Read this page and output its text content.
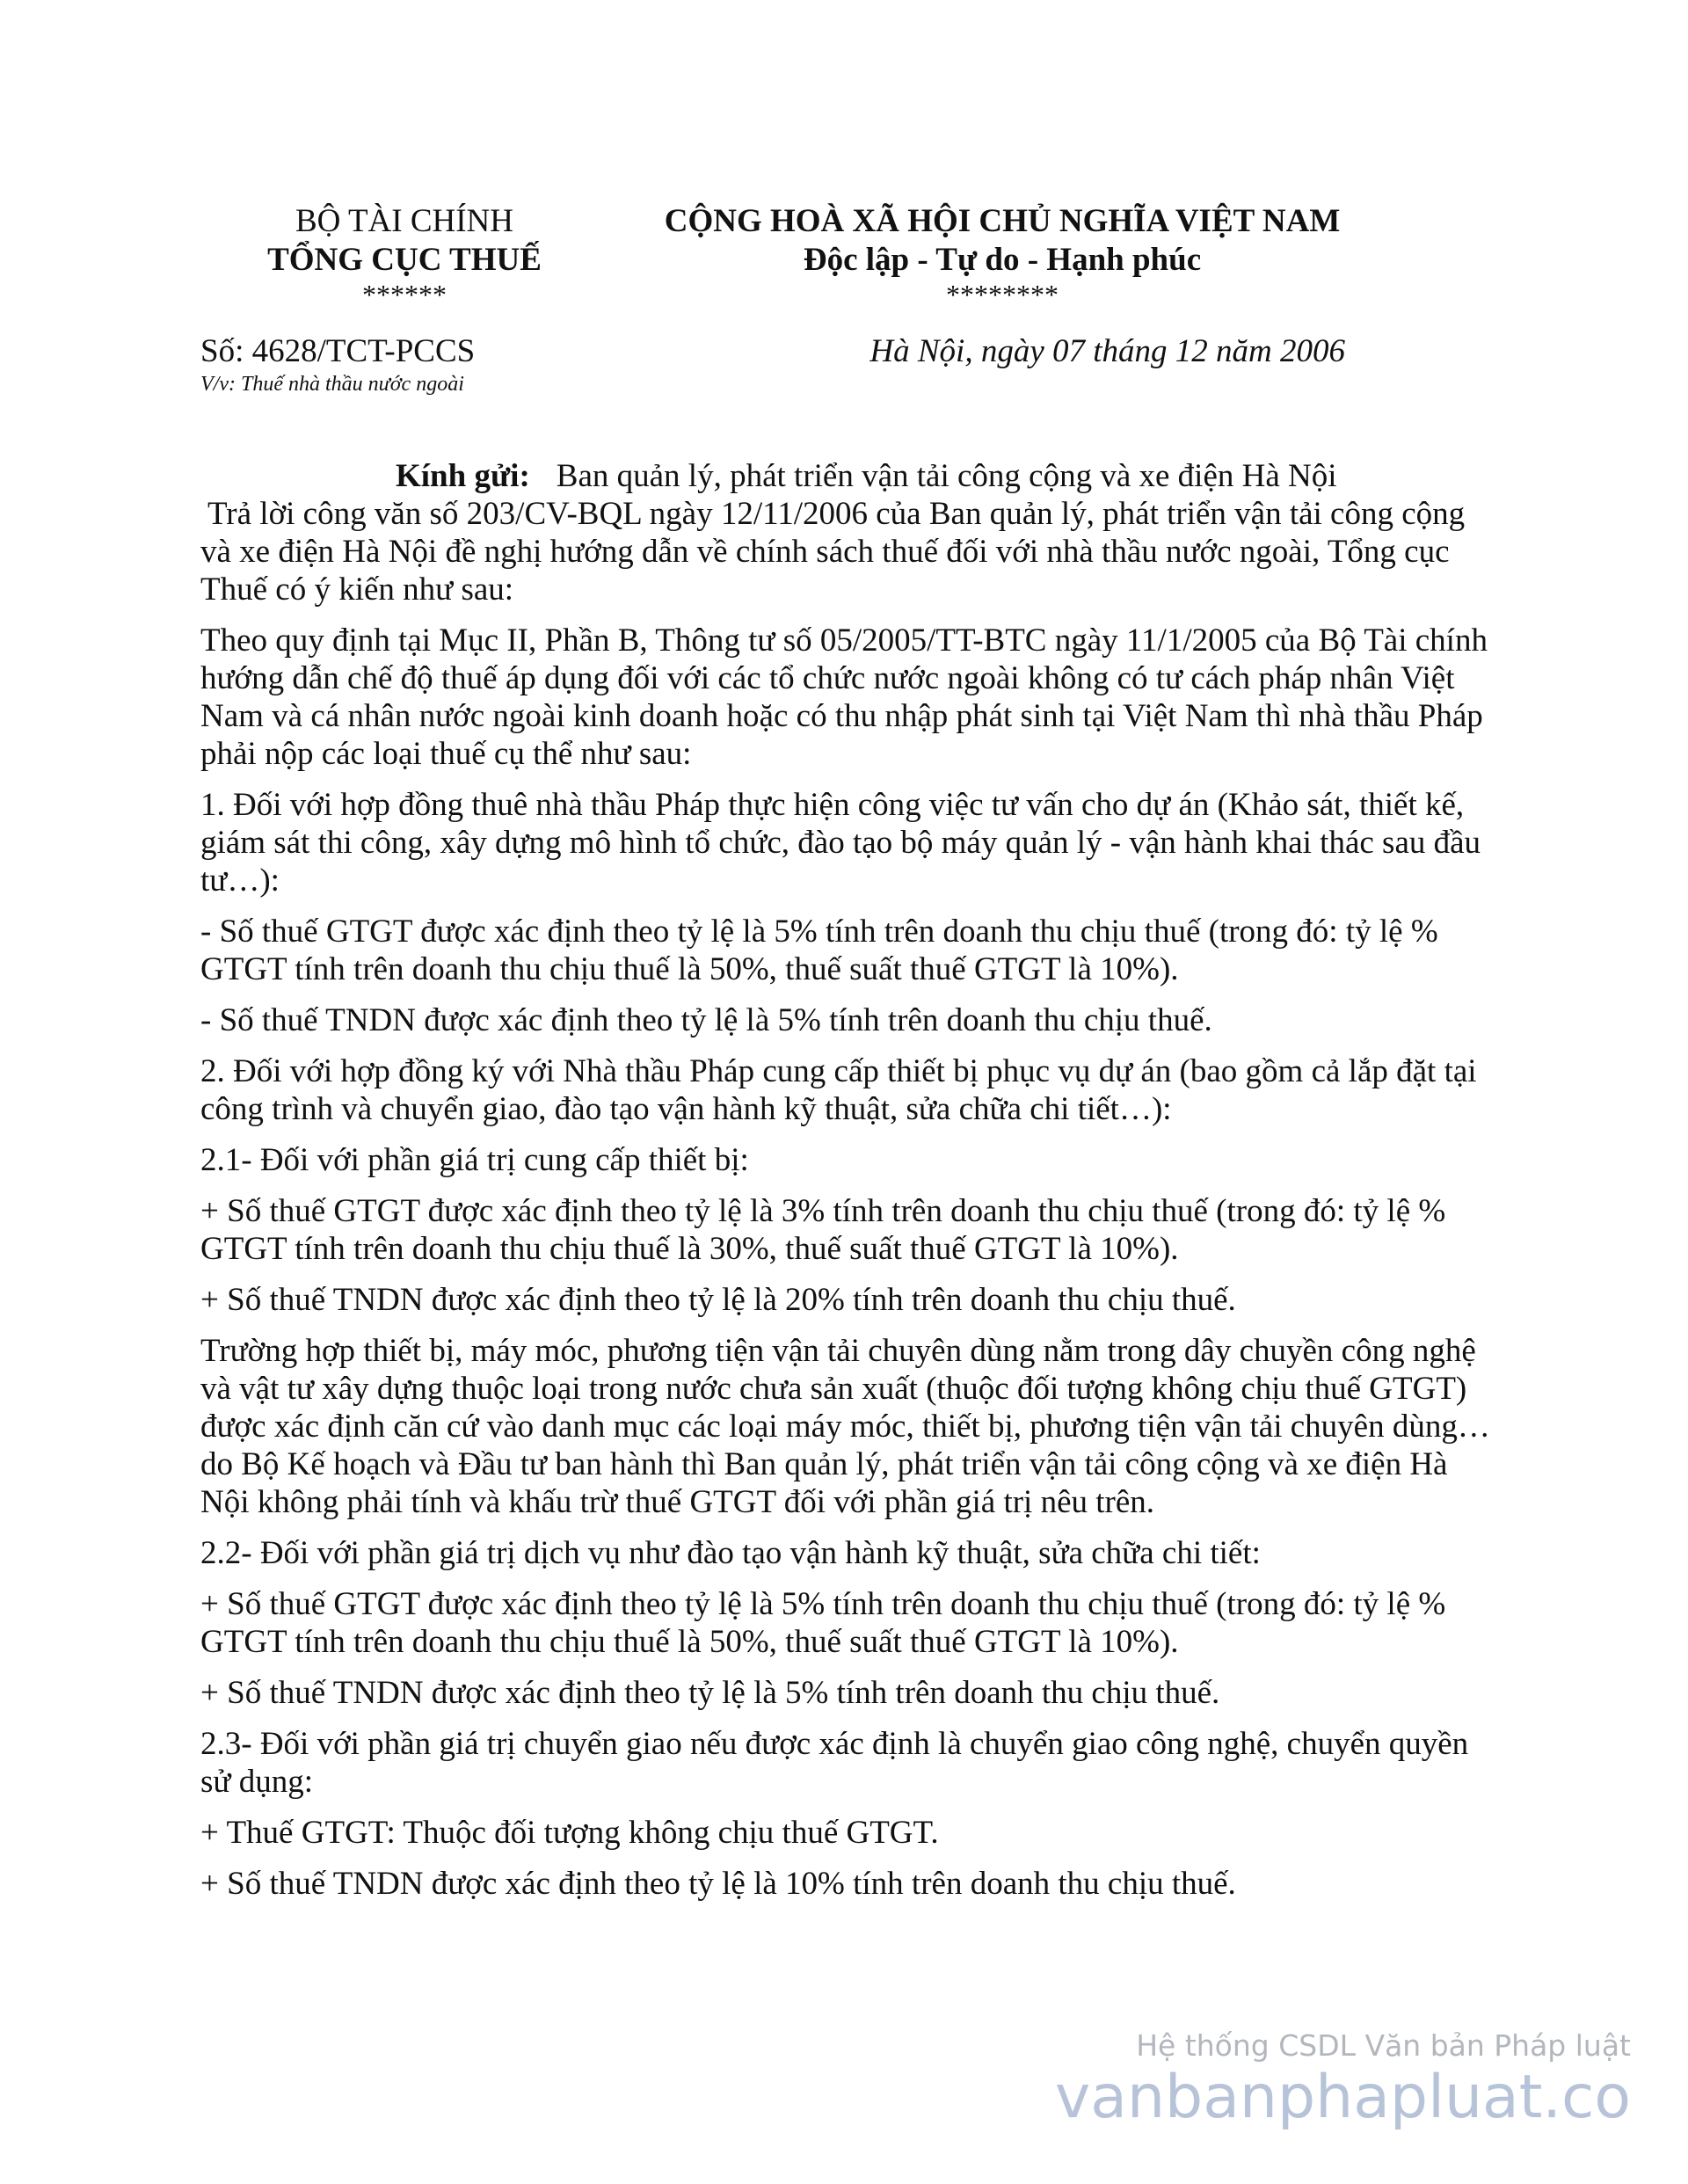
BỘ TÀI CHÍNH
TỔNG CỤC THUẾ
******
CỘNG HOÀ XÃ HỘI CHỦ NGHĨA VIỆT NAM
Độc lập - Tự do - Hạnh phúc
********
Số: 4628/TCT-PCCS
V/v: Thuế nhà thầu nước ngoài
Hà Nội, ngày 07 tháng 12 năm 2006

Kính gửi: Ban quản lý, phát triển vận tải công cộng và xe điện Hà Nội

Trả lời công văn số 203/CV-BQL ngày 12/11/2006 của Ban quản lý, phát triển vận tải công cộng và xe điện Hà Nội đề nghị hướng dẫn về chính sách thuế đối với nhà thầu nước ngoài, Tổng cục Thuế có ý kiến như sau:

Theo quy định tại Mục II, Phần B, Thông tư số 05/2005/TT-BTC ngày 11/1/2005 của Bộ Tài chính hướng dẫn chế độ thuế áp dụng đối với các tổ chức nước ngoài không có tư cách pháp nhân Việt Nam và cá nhân nước ngoài kinh doanh hoặc có thu nhập phát sinh tại Việt Nam thì nhà thầu Pháp phải nộp các loại thuế cụ thể như sau:

1. Đối với hợp đồng thuê nhà thầu Pháp thực hiện công việc tư vấn cho dự án (Khảo sát, thiết kế, giám sát thi công, xây dựng mô hình tổ chức, đào tạo bộ máy quản lý - vận hành khai thác sau đầu tư…):

- Số thuế GTGT được xác định theo tỷ lệ là 5% tính trên doanh thu chịu thuế (trong đó: tỷ lệ % GTGT tính trên doanh thu chịu thuế là 50%, thuế suất thuế GTGT là 10%).

- Số thuế TNDN được xác định theo tỷ lệ là 5% tính trên doanh thu chịu thuế.

2. Đối với hợp đồng ký với Nhà thầu Pháp cung cấp thiết bị phục vụ dự án (bao gồm cả lắp đặt tại công trình và chuyển giao, đào tạo vận hành kỹ thuật, sửa chữa chi tiết…):

2.1- Đối với phần giá trị cung cấp thiết bị:

+ Số thuế GTGT được xác định theo tỷ lệ là 3% tính trên doanh thu chịu thuế (trong đó: tỷ lệ % GTGT tính trên doanh thu chịu thuế là 30%, thuế suất thuế GTGT là 10%).

+ Số thuế TNDN được xác định theo tỷ lệ là 20% tính trên doanh thu chịu thuế.

Trường hợp thiết bị, máy móc, phương tiện vận tải chuyên dùng nằm trong dây chuyền công nghệ và vật tư xây dựng thuộc loại trong nước chưa sản xuất (thuộc đối tượng không chịu thuế GTGT) được xác định căn cứ vào danh mục các loại máy móc, thiết bị, phương tiện vận tải chuyên dùng… do Bộ Kế hoạch và Đầu tư ban hành thì Ban quản lý, phát triển vận tải công cộng và xe điện Hà Nội không phải tính và khấu trừ thuế GTGT đối với phần giá trị nêu trên.

2.2- Đối với phần giá trị dịch vụ như đào tạo vận hành kỹ thuật, sửa chữa chi tiết:

+ Số thuế GTGT được xác định theo tỷ lệ là 5% tính trên doanh thu chịu thuế (trong đó: tỷ lệ % GTGT tính trên doanh thu chịu thuế là 50%, thuế suất thuế GTGT là 10%).

+ Số thuế TNDN được xác định theo tỷ lệ là 5% tính trên doanh thu chịu thuế.

2.3- Đối với phần giá trị chuyển giao nếu được xác định là chuyển giao công nghệ, chuyển quyền sử dụng:

+ Thuế GTGT: Thuộc đối tượng không chịu thuế GTGT.

+ Số thuế TNDN được xác định theo tỷ lệ là 10% tính trên doanh thu chịu thuế.

Hệ thống CSDL Văn bản Pháp luật
vanbanphapluat.co
